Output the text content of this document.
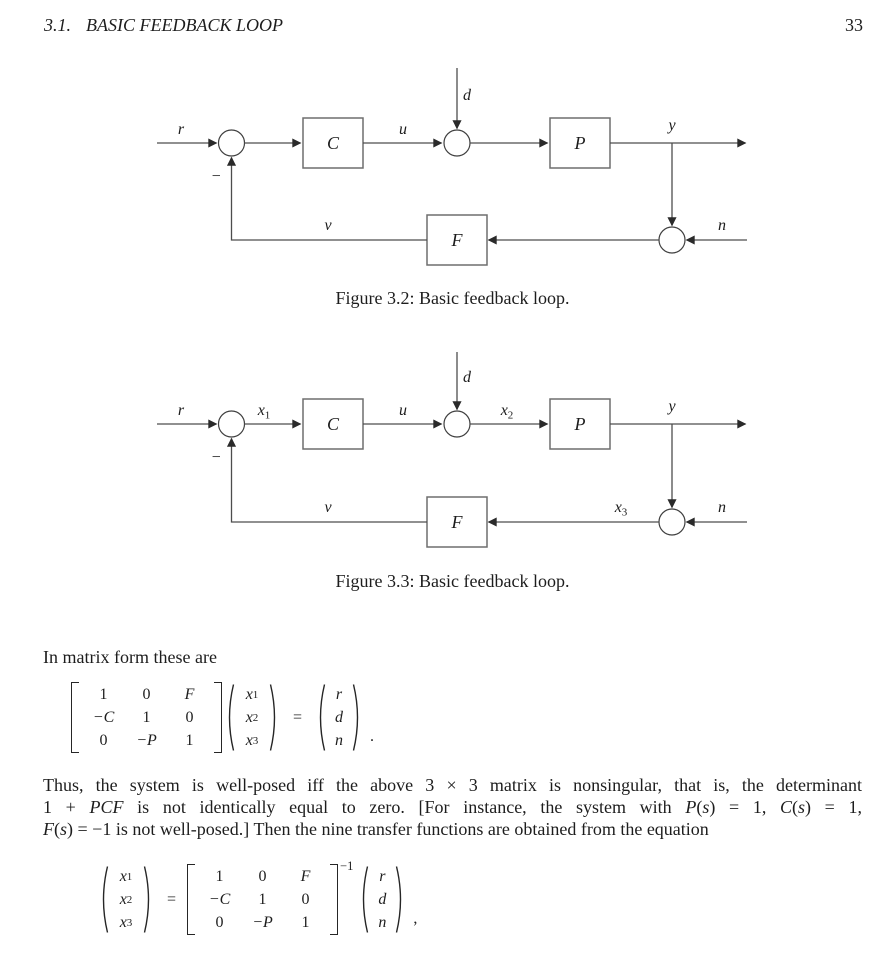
3.1. BASIC FEEDBACK LOOP	33
C	P
F
r	u
d
y
v	n
−
Figure 3.2: Basic feedback loop.
C	P
F
r	$x_1$	u
d
$x_2$
y
v	$x_3$	n
−
Figure 3.3: Basic feedback loop.
In matrix form these are
1	0	F
−C	1	0
0	−P	1
x 1
x 2
x 3
=
r
d
n	.
Thus, the system is well-posed iff the above 3 × 3 matrix is nonsingular, that is, the determinant
1 + PCF is not identically equal to zero. [For instance, the system with P(s) = 1, C(s) = 1,
F(s) = −1 is not well-posed.] Then the nine transfer functions are obtained from the equation
x 1
x 2
x 3
=
1	0	F
−C	1	0
0	−P	1
−1
r
d
n	,
